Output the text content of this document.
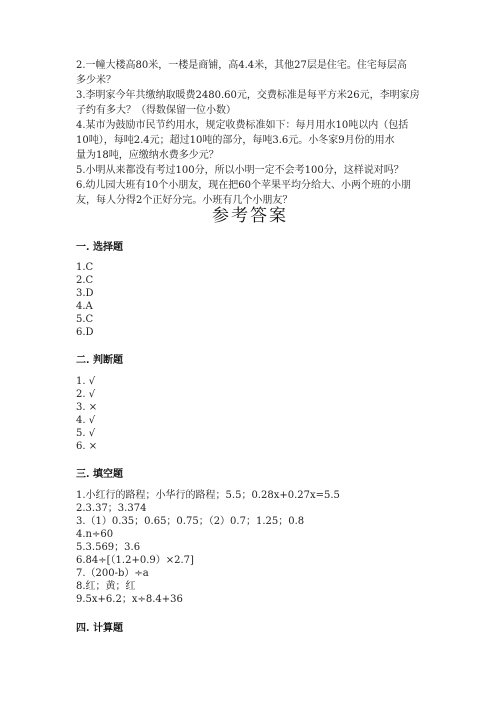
2.一幢大楼高80米，一楼是商铺，高4.4米，其他27层是住宅。住宅每层高
多少米？
3.李明家今年共缴纳取暖费2480.60元，交费标准是每平方米26元，李明家房
子约有多大？（得数保留一位小数）
4.某市为鼓励市民节约用水，规定收费标准如下：每月用水10吨以内（包括
10吨），每吨2.4元；超过10吨的部分，每吨3.6元。小冬家9月份的用水
量为18吨，应缴纳水费多少元？
5.小明从来都没有考过100分，所以小明一定不会考100分，这样说对吗？
6.幼儿园大班有10个小朋友，现在把60个苹果平均分给大、小两个班的小朋
友，每人分得2个正好分完。小班有几个小朋友？
参考答案
一. 选择题
1.C
2.C
3.D
4.A
5.C
6.D
二. 判断题
1. √
2. √
3. ×
4. √
5. √
6. ×
三. 填空题
1.小红行的路程；小华行的路程；5.5；0.28x+0.27x=5.5
2.3.37；3.374
3.（1）0.35；0.65；0.75；（2）0.7；1.25；0.8
4.n÷60
5.3.569；3.6
6.84÷[（1.2+0.9）×2.7]
7.（200-b）÷a
8.红；黄；红
9.5x+6.2；x÷8.4+36
四. 计算题
